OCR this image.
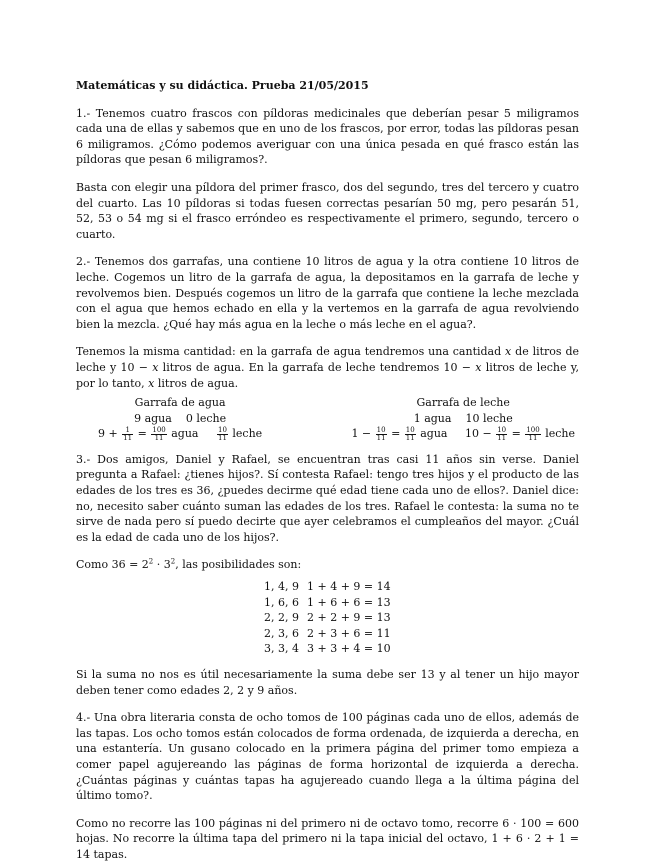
Matemáticas y su didáctica. Prueba 21/05/2015

1.- Tenemos cuatro frascos con píldoras medicinales que deberían pesar 5 miligramos cada una de ellas y sabemos que en uno de los frascos, por error, todas las píldoras pesan 6 miligramos. ¿Cómo podemos averiguar con una única pesada en qué frasco están las píldoras que pesan 6 miligramos?.

Basta con elegir una píldora del primer frasco, dos del segundo, tres del tercero y cuatro del cuarto. Las 10 píldoras si todas fuesen correctas pesarían 50 mg, pero pesarán 51, 52, 53 o 54 mg si el frasco erróndeo es respectivamente el primero, segundo, tercero o cuarto.

2.- Tenemos dos garrafas, una contiene 10 litros de agua y la otra contiene 10 litros de leche. Cogemos un litro de la garrafa de agua, la depositamos en la garrafa de leche y revolvemos bien. Después cogemos un litro de la garrafa que contiene la leche mezclada con el agua que hemos echado en ella y la vertemos en la garrafa de agua revolviendo bien la mezcla. ¿Qué hay más agua en la leche o más leche en el agua?.

Tenemos la misma cantidad: en la garrafa de agua tendremos una cantidad x de litros de leche y 10 − x litros de agua. En la garrafa de leche tendremos 10 − x litros de leche y, por lo tanto, x litros de agua.

Garrafa de agua
9 agua 0 leche
$9 + \frac{1}{11} = \frac{100}{11}$ agua	$\frac{10}{11}$ leche
Garrafa de leche
1 agua 10 leche
$1 - \frac{10}{11} = \frac{10}{11}$ agua $10 - \frac{10}{11} = \frac{100}{11}$ leche

3.- Dos amigos, Daniel y Rafael, se encuentran tras casi 11 años sin verse. Daniel pregunta a Rafael: ¿tienes hijos?. Sí contesta Rafael: tengo tres hijos y el producto de las edades de los tres es 36, ¿puedes decirme qué edad tiene cada uno de ellos?. Daniel dice: no, necesito saber cuánto suman las edades de los tres. Rafael le contesta: la suma no te sirve de nada pero sí puedo decirte que ayer celebramos el cumpleaños del mayor. ¿Cuál es la edad de cada uno de los hijos?.

Como $36 = 2^2 \cdot 3^2$, las posibilidades son:

1, 4, 9 1 + 4 + 9 = 14
1, 6, 6 1 + 6 + 6 = 13
2, 2, 9 2 + 2 + 9 = 13
2, 3, 6 2 + 3 + 6 = 11
3, 3, 4 3 + 3 + 4 = 10

Si la suma no nos es útil necesariamente la suma debe ser 13 y al tener un hijo mayor deben tener como edades 2, 2 y 9 años.

4.- Una obra literaria consta de ocho tomos de 100 páginas cada uno de ellos, además de las tapas. Los ocho tomos están colocados de forma ordenada, de izquierda a derecha, en una estantería. Un gusano colocado en la primera página del primer tomo empieza a comer papel agujereando las páginas de forma horizontal de izquierda a derecha. ¿Cuántas páginas y cuántas tapas ha agujereado cuando llega a la última página del último tomo?.

Como no recorre las 100 páginas ni del primero ni de octavo tomo, recorre 6 · 100 = 600 hojas. No recorre la última tapa del primero ni la tapa inicial del octavo, 1 + 6 · 2 + 1 = 14 tapas.
